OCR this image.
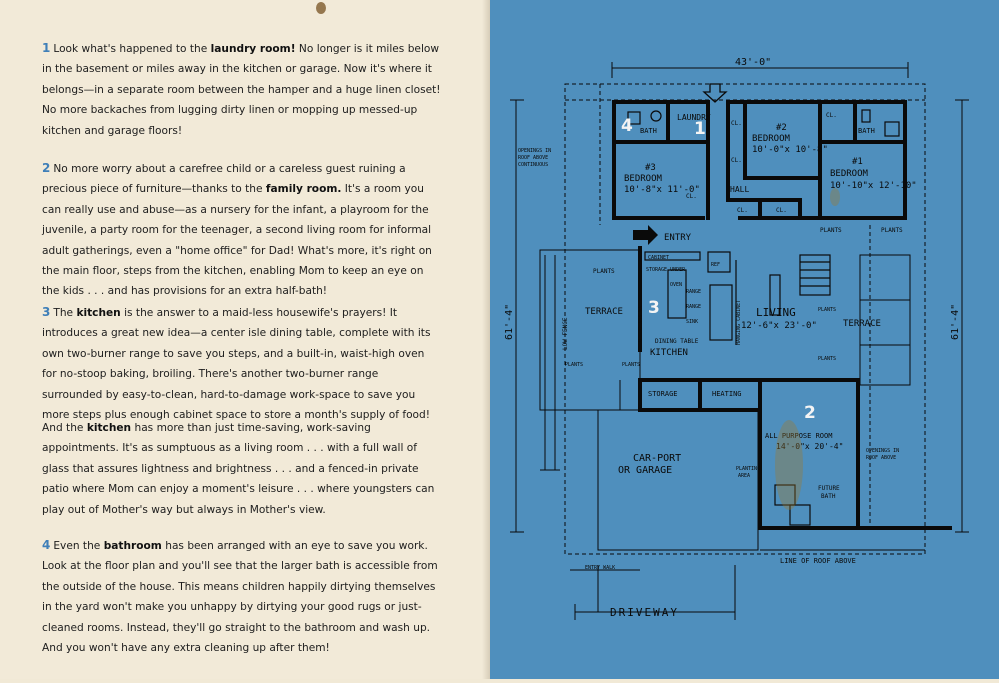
1 Look what's happened to the laundry room! No longer is it miles below in the basement or miles away in the kitchen or garage. Now it's where it belongs—in a separate room between the hamper and a huge linen closet! No more backaches from lugging dirty linen or mopping up messed-up kitchen and garage floors!
2 No more worry about a carefree child or a careless guest ruining a precious piece of furniture—thanks to the family room. It's a room you can really use and abuse—as a nursery for the infant, a playroom for the juvenile, a party room for the teenager, a second living room for informal adult gatherings, even a "home office" for Dad! What's more, it's right on the main floor, steps from the kitchen, enabling Mom to keep an eye on the kids . . . and has provisions for an extra half-bath!
3 The kitchen is the answer to a maid-less housewife's prayers! It introduces a great new idea—a center isle dining table, complete with its own two-burner range to save you steps, and a built-in, waist-high oven for no-stoop baking, broiling. There's another two-burner range surrounded by easy-to-clean, hard-to-damage work-space to save you more steps plus enough cabinet space to store a month's supply of food!
And the kitchen has more than just time-saving, work-saving appointments. It's as sumptuous as a living room . . . with a full wall of glass that assures lightness and brightness . . . and a fenced-in private patio where Mom can enjoy a moment's leisure . . . where youngsters can play out of Mother's way but always in Mother's view.
4 Even the bathroom has been arranged with an eye to save you work. Look at the floor plan and you'll see that the larger bath is accessible from the outside of the house. This means children happily dirtying themselves in the yard won't make you unhappy by dirtying your good rugs or just-cleaned rooms. Instead, they'll go straight to the bathroom and wash up. And you won't have any extra cleaning up after them!
43'-0"
61'-4"	61'-4"
LAUNDRY
BATH	BATH
CL.
CL.
CL.
CL.	CL.
CL.
#2
BEDROOM
10'-0"x 10'-8"
#3
BEDROOM
10'-8"x 11'-0"
#1
BEDROOM
10'-10"x 12'-10"
HALL
OPENINGS IN
ROOF ABOVE
CONTINUOUS
OPENINGS IN
ROOF ABOVE
ENTRY
CABINET
STORAGE UNDER
REF
OVEN
RANGE
RANGE
SINK
DINING TABLE
KITCHEN
FULL GLASS WALL	HANGING CABINET
TERRACE
TERRACE
LOW FENCE
PLANTS
PLANTS	PLANTS
PLANTS	PLANTS
PLANTS
PLANTS
LIVING
12'-6"x 23'-0"
STORAGE	HEATING
ALL PURPOSE ROOM
14'-0"x 20'-4"
FUTURE
BATH
CAR-PORT
OR GARAGE	PLANTING
AREA
ENTRY WALK
LINE OF ROOF ABOVE
DRIVEWAY
1
2
3
4
